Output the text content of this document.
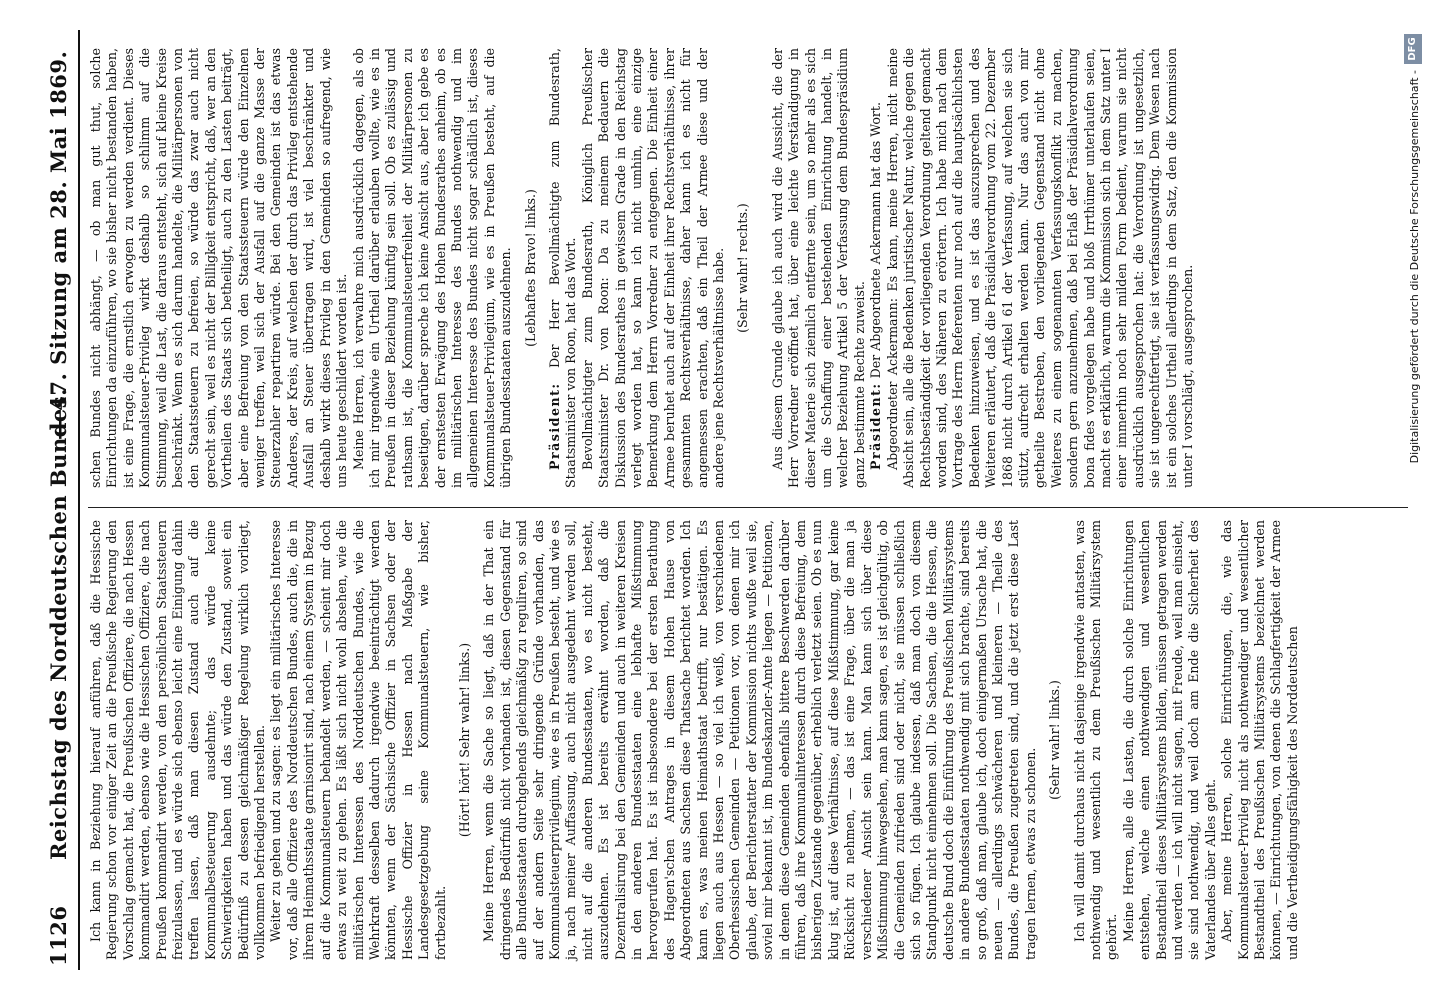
1126
Reichstag des Norddeutschen Bundes.
— 47. Sitzung am 28. Mai 1869.

Ich kann in Beziehung hierauf anführen, daß die Hessische Regierung schon vor einiger Zeit an die Preußische Regierung den Vorschlag gemacht hat, die Preußischen Offiziere, die nach Hessen kommandirt werden, ebenso wie die Hessischen Offiziere, die nach Preußen kommandirt werden, von den persönlichen Staatssteuern freizulassen, und es würde sich ebenso leicht eine Einigung dahin treffen lassen, daß man diesen Zustand auch auf die Kommunalbesteuerung ausdehnte; das würde keine Schwierigkeiten haben und das würde den Zustand, soweit ein Bedürfniß zu dessen gleichmäßiger Regelung wirklich vorliegt, vollkommen befriedigend herstellen. Weiter zu gehen und zu sagen: es liegt ein militärisches Interesse vor, daß alle Offiziere des Norddeutschen Bundes, auch die, die in ihrem Heimathsstaate garnisonirt sind, nach einem System in Bezug auf die Kommunalsteuern behandelt werden, — scheint mir doch etwas zu weit zu gehen. Es läßt sich nicht wohl absehen, wie die militärischen Interessen des Norddeutschen Bundes, wie die Wehrkraft desselben dadurch irgendwie beeinträchtigt werden könnten, wenn der Sächsische Offizier in Sachsen oder der Hessische Offizier in Hessen nach Maßgabe der Landesgesetzgebung seine Kommunalsteuern, wie bisher, fortbezahlt.

(Hört! hört! Sehr wahr! links.) Meine Herren, wenn die Sache so liegt, daß in der That ein dringendes Bedürfniß nicht vorhanden ist, diesen Gegenstand für alle Bundesstaaten durchgehends gleichmäßig zu reguliren, so sind auf der andern Seite sehr dringende Gründe vorhanden, das Kommunalsteuerprivilegium, wie es in Preußen besteht, und wie es ja, nach meiner Auffassung, auch nicht ausgedehnt werden soll, nicht auf die anderen Bundesstaaten, wo es nicht besteht, auszudehnen. Es ist bereits erwähnt worden, daß die Dezentralisirung bei den Gemeinden und auch in weiteren Kreisen in den anderen Bundesstaaten eine lebhafte Mißstimmung hervorgerufen hat. Es ist insbesondere bei der ersten Berathung des Hagen'schen Antrages in diesem Hohen Hause von Abgeordneten aus Sachsen diese Thatsache berichtet worden. Ich kann es, was meinen Heimathstaat betrifft, nur bestätigen. Es liegen auch aus Hessen — so viel ich weiß, von verschiedenen Oberhessischen Gemeinden — Petitionen vor, von denen mir ich glaube, der Berichterstatter der Kommission nichts wußte weil sie, soviel mir bekannt ist, im Bundeskanzler-Amte liegen — Petitionen, in denen diese Gemeinden ebenfalls bittere Beschwerden darüber führen, daß ihre Kommunalinteressen durch diese Befreiung, dem bisherigen Zustande gegenüber, erheblich verletzt seien. Ob es nun klug ist, auf diese Verhältnisse, auf diese Mißstimmung, gar keine Rücksicht zu nehmen, — das ist eine Frage, über die man ja verschiedener Ansicht sein kann. Man kann sich über diese Mißstimmung hinwegsehen, man kann sagen, es ist gleichgültig, ob die Gemeinden zufrieden sind oder nicht, sie müssen schließlich sich so fügen. Ich glaube indessen, daß man doch von diesem Standpunkt nicht einnehmen soll. Die Sachsen, die die Hessen, die deutsche Bund doch die Einführung des Preußischen Militärsystems in andere Bundesstaaten nothwendig mit sich brachte, sind bereits so groß, daß man, glaube ich, doch einigermaßen Ursache hat, die neuen — allerdings schwächeren und kleineren — Theile des Bundes, die Preußen zugetreten sind, und die jetzt erst diese Last tragen lernen, etwas zu schonen.

(Sehr wahr! links.) Ich will damit durchaus nicht dasjenige irgendwie antasten, was nothwendig und wesentlich zu dem Preußischen Militärsystem gehört. Meine Herren, alle die Lasten, die durch solche Einrichtungen entstehen, welche einen nothwendigen und wesentlichen Bestandtheil dieses Militärsystems bilden, müssen getragen werden und werden — ich will nicht sagen, mit Freude, weil man einsieht, sie sind nothwendig, und weil doch am Ende die Sicherheit des Vaterlandes über Alles geht. Aber, meine Herren, solche Einrichtungen, die, wie das Kommunalsteuer-Privileg nicht als nothwendiger und wesentlicher Bestandtheil des Preußischen Militärsystems bezeichnet werden können, — Einrichtungen, von denen die Schlagfertigkeit der Armee und die Vertheidigungsfähigkeit des Norddeutschen

schen Bundes nicht abhängt, — ob man gut thut, solche Einrichtungen da einzuführen, wo sie bisher nicht bestanden haben, ist eine Frage, die ernstlich erwogen zu werden verdient. Dieses Kommunalsteuer-Privileg wirkt deshalb so schlimm auf die Stimmung, weil die Last, die daraus entsteht, sich auf kleine Kreise beschränkt. Wenn es sich darum handelte, die Militärpersonen von den Staatssteuern zu befreien, so würde das zwar auch nicht gerecht sein, weil es nicht der Billigkeit entspricht, daß, wer an den Vortheilen des Staats sich betheiligt, auch zu den Lasten beiträgt, aber eine Befreiung von den Staatssteuern würde den Einzelnen weniger treffen, weil sich der Ausfall auf die ganze Masse der Steuerzahler repartiren würde. Bei den Gemeinden ist das etwas Anderes, der Kreis, auf welchen der durch das Privileg entstehende Ausfall an Steuer übertragen wird, ist viel beschränkter und deshalb wirkt dieses Privileg in den Gemeinden so aufregend, wie uns heute geschildert worden ist. Meine Herren, ich verwahre mich ausdrücklich dagegen, als ob ich mir irgendwie ein Urtheil darüber erlauben wollte, wie es in Preußen in dieser Beziehung künftig sein soll. Ob es zulässig und rathsam ist, die Kommunalsteuerfreiheit der Militärpersonen zu beseitigen, darüber spreche ich keine Ansicht aus, aber ich gebe es der ernstesten Erwägung des Hohen Bundesrathes anheim, ob es im militärischen Interesse des Bundes nothwendig und im allgemeinen Interesse des Bundes nicht sogar schädlich ist, dieses Kommunalsteuer-Privilegium, wie es in Preußen besteht, auf die übrigen Bundesstaaten auszudehnen. (Lebhaftes Bravo! links.)

Präsident: Der Herr Bevollmächtigte zum Bundesrath, Staatsminister von Roon, hat das Wort. Bevollmächtigter zum Bundesrath, Königlich Preußischer Staatsminister Dr. von Roon: Da zu meinem Bedauern die Diskussion des Bundesrathes in gewissem Grade in den Reichstag verlegt worden hat, so kann ich nicht umhin, eine einzige Bemerkung dem Herrn Vorredner zu entgegnen. Die Einheit einer Armee beruhet auch auf der Einheit ihrer Rechtsverhältnisse, ihrer gesammten Rechtsverhältnisse, daher kann ich es nicht für angemessen erachten, daß ein Theil der Armee diese und der andere jene Rechtsverhältnisse habe. (Sehr wahr! rechts.) Aus diesem Grunde glaube ich auch wird die Aussicht, die der Herr Vorredner eröffnet hat, über eine leichte Verständigung in dieser Materie sich ziemlich entfernte sein, um so mehr als es sich um die Schaffung einer bestehenden Einrichtung handelt, in welcher Beziehung Artikel 5 der Verfassung dem Bundespräsidium ganz bestimmte Rechte zuweist. Präsident: Der Abgeordnete Ackermann hat das Wort. Abgeordneter Ackermann: Es kann, meine Herren, nicht meine Absicht sein, alle die Bedenken juristischer Natur, welche gegen die Rechtsbeständigkeit der vorliegenden Verordnung geltend gemacht worden sind, des Näheren zu erörtern. Ich habe mich nach dem Vortrage des Herrn Referenten nur noch auf die hauptsächlichsten Bedenken hinzuweisen, und es ist das auszusprechen und des Weiteren erläutert, daß die Präsidialverordnung vom 22. Dezember 1868 nicht durch Artikel 61 der Verfassung, auf welchen sie sich stützt, aufrecht erhalten werden kann. Nur das auch von mir getheilte Bestreben, den vorliegenden Gegenstand nicht ohne Weiteres zu einem sogenannten Verfassungskonflikt zu machen, sondern gern anzunehmen, daß bei Erlaß der Präsidialverordnung bona fides vorgelegen habe und bloß Irrthümer unterlaufen seien, macht es erklärlich, warum die Kommission sich in dem Satz unter I einer immerhin noch sehr milden Form bedient, warum sie nicht ausdrücklich ausgesprochen hat: die Verordnung ist ungesetzlich, sie ist ungerechtfertigt, sie ist verfassungswidrig. Dem Wesen nach ist ein solches Urtheil allerdings in dem Satz, den die Kommission unter I vorschlägt, ausgesprochen.	Digitalisierung gefördert durch die Deutsche Forschungsgemeinschaft -
DFG
